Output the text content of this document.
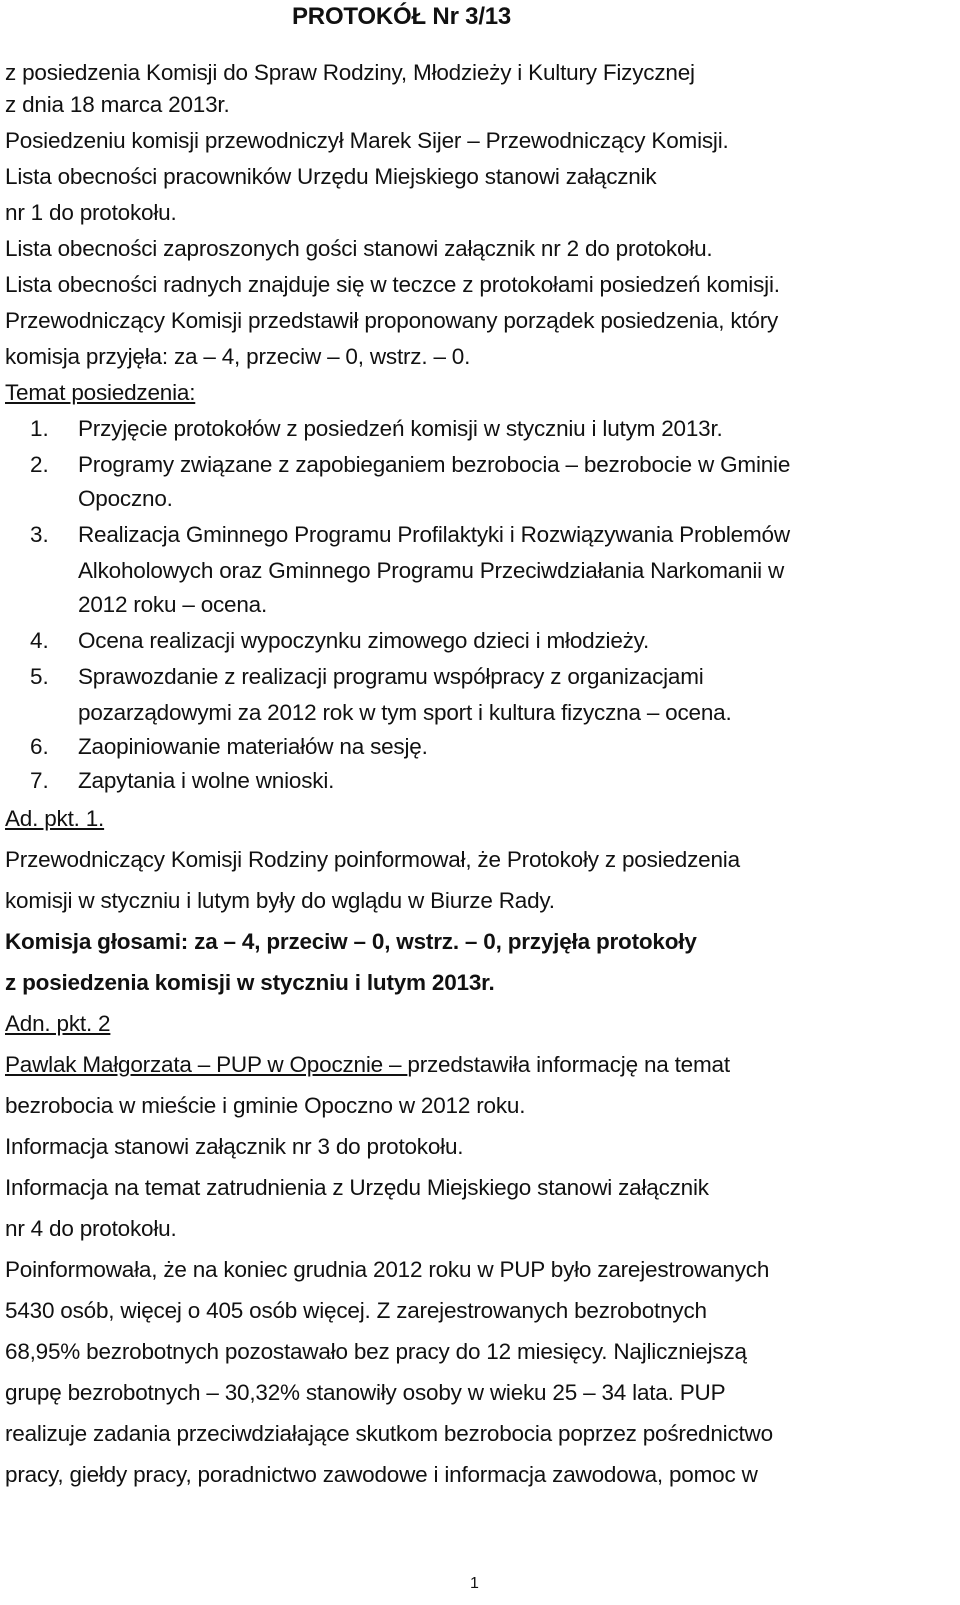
PROTOKÓŁ Nr 3/13
z posiedzenia Komisji do Spraw Rodziny, Młodzieży i Kultury Fizycznej
z dnia 18 marca 2013r.
Posiedzeniu komisji przewodniczył Marek Sijer – Przewodniczący Komisji.
Lista obecności pracowników Urzędu Miejskiego stanowi załącznik
nr 1 do protokołu.
Lista obecności zaproszonych gości stanowi załącznik nr 2 do protokołu.
Lista obecności radnych znajduje się w teczce z protokołami posiedzeń komisji.
Przewodniczący Komisji przedstawił proponowany porządek posiedzenia, który
komisja przyjęła: za – 4, przeciw – 0, wstrz. – 0.
Temat posiedzenia:
1. Przyjęcie protokołów z posiedzeń komisji w styczniu i lutym 2013r.
2. Programy związane z zapobieganiem bezrobocia – bezrobocie w Gminie
Opoczno.
3. Realizacja Gminnego Programu Profilaktyki i Rozwiązywania Problemów
Alkoholowych oraz Gminnego Programu Przeciwdziałania Narkomanii w
2012 roku – ocena.
4. Ocena realizacji wypoczynku zimowego dzieci i młodzieży.
5. Sprawozdanie z realizacji programu współpracy z organizacjami
pozarządowymi za 2012 rok w tym sport i kultura fizyczna – ocena.
6. Zaopiniowanie materiałów na sesję.
7. Zapytania i wolne wnioski.
Ad. pkt. 1.
Przewodniczący Komisji Rodziny poinformował, że Protokoły z posiedzenia
komisji w styczniu i lutym były do wglądu w Biurze Rady.
Komisja głosami: za – 4, przeciw – 0, wstrz. – 0, przyjęła protokoły
z posiedzenia komisji w styczniu i lutym 2013r.
Adn. pkt. 2
Pawlak Małgorzata – PUP w Opocznie – przedstawiła informację na temat
bezrobocia w mieście i gminie Opoczno w 2012 roku.
Informacja stanowi załącznik nr 3 do protokołu.
Informacja na temat zatrudnienia z Urzędu Miejskiego stanowi załącznik
nr 4 do protokołu.
Poinformowała, że na koniec grudnia 2012 roku w PUP było zarejestrowanych
5430 osób, więcej o 405 osób więcej. Z zarejestrowanych bezrobotnych
68,95% bezrobotnych pozostawało bez pracy do 12 miesięcy. Najliczniejszą
grupę bezrobotnych – 30,32% stanowiły osoby w wieku 25 – 34 lata. PUP
realizuje zadania przeciwdziałające skutkom bezrobocia poprzez pośrednictwo
pracy, giełdy pracy, poradnictwo zawodowe i informacja zawodowa, pomoc w
1
